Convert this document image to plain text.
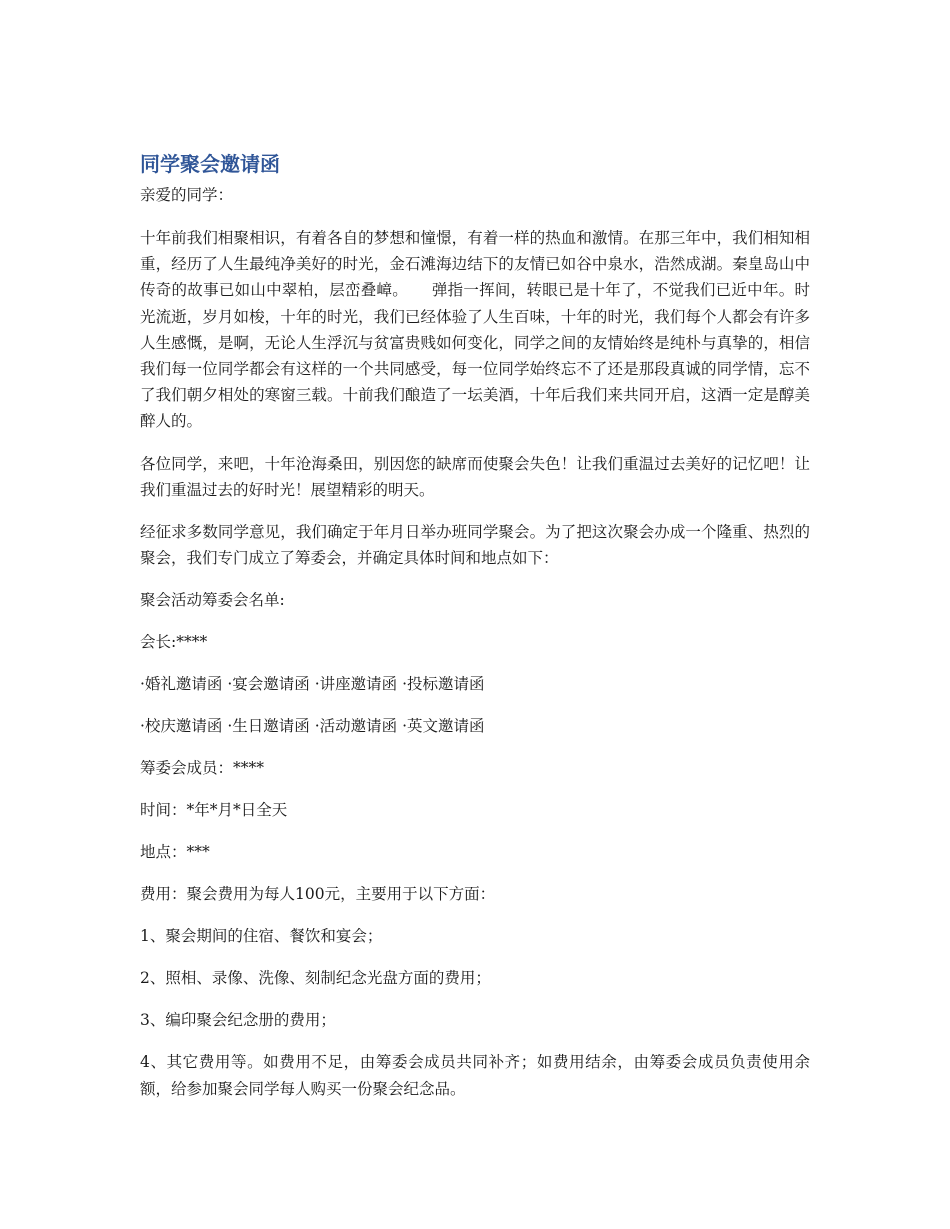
同学聚会邀请函
亲爱的同学：

十年前我们相聚相识，有着各自的梦想和憧憬，有着一样的热血和激情。在那三年中，我们相知相重，经历了人生最纯净美好的时光，金石滩海边结下的友情已如谷中泉水，浩然成湖。秦皇岛山中传奇的故事已如山中翠柏，层峦叠嶂。　　弹指一挥间，转眼已是十年了，不觉我们已近中年。时光流逝，岁月如梭，十年的时光，我们已经体验了人生百味，十年的时光，我们每个人都会有许多人生感慨，是啊，无论人生浮沉与贫富贵贱如何变化，同学之间的友情始终是纯朴与真挚的，相信我们每一位同学都会有这样的一个共同感受，每一位同学始终忘不了还是那段真诚的同学情，忘不了我们朝夕相处的寒窗三载。十前我们酿造了一坛美酒，十年后我们来共同开启，这酒一定是醇美醉人的。

各位同学，来吧，十年沧海桑田，别因您的缺席而使聚会失色！让我们重温过去美好的记忆吧！让我们重温过去的好时光！展望精彩的明天。

经征求多数同学意见，我们确定于年月日举办班同学聚会。为了把这次聚会办成一个隆重、热烈的聚会，我们专门成立了筹委会，并确定具体时间和地点如下：

聚会活动筹委会名单:
会长:****
·婚礼邀请函 ·宴会邀请函 ·讲座邀请函 ·投标邀请函
·校庆邀请函 ·生日邀请函 ·活动邀请函 ·英文邀请函
筹委会成员：****
时间：*年*月*日全天
地点：***
费用：聚会费用为每人100元，主要用于以下方面：
1、聚会期间的住宿、餐饮和宴会；
2、照相、录像、洗像、刻制纪念光盘方面的费用；
3、编印聚会纪念册的费用；
4、其它费用等。如费用不足，由筹委会成员共同补齐；如费用结余，由筹委会成员负责使用余额，给参加聚会同学每人购买一份聚会纪念品。
